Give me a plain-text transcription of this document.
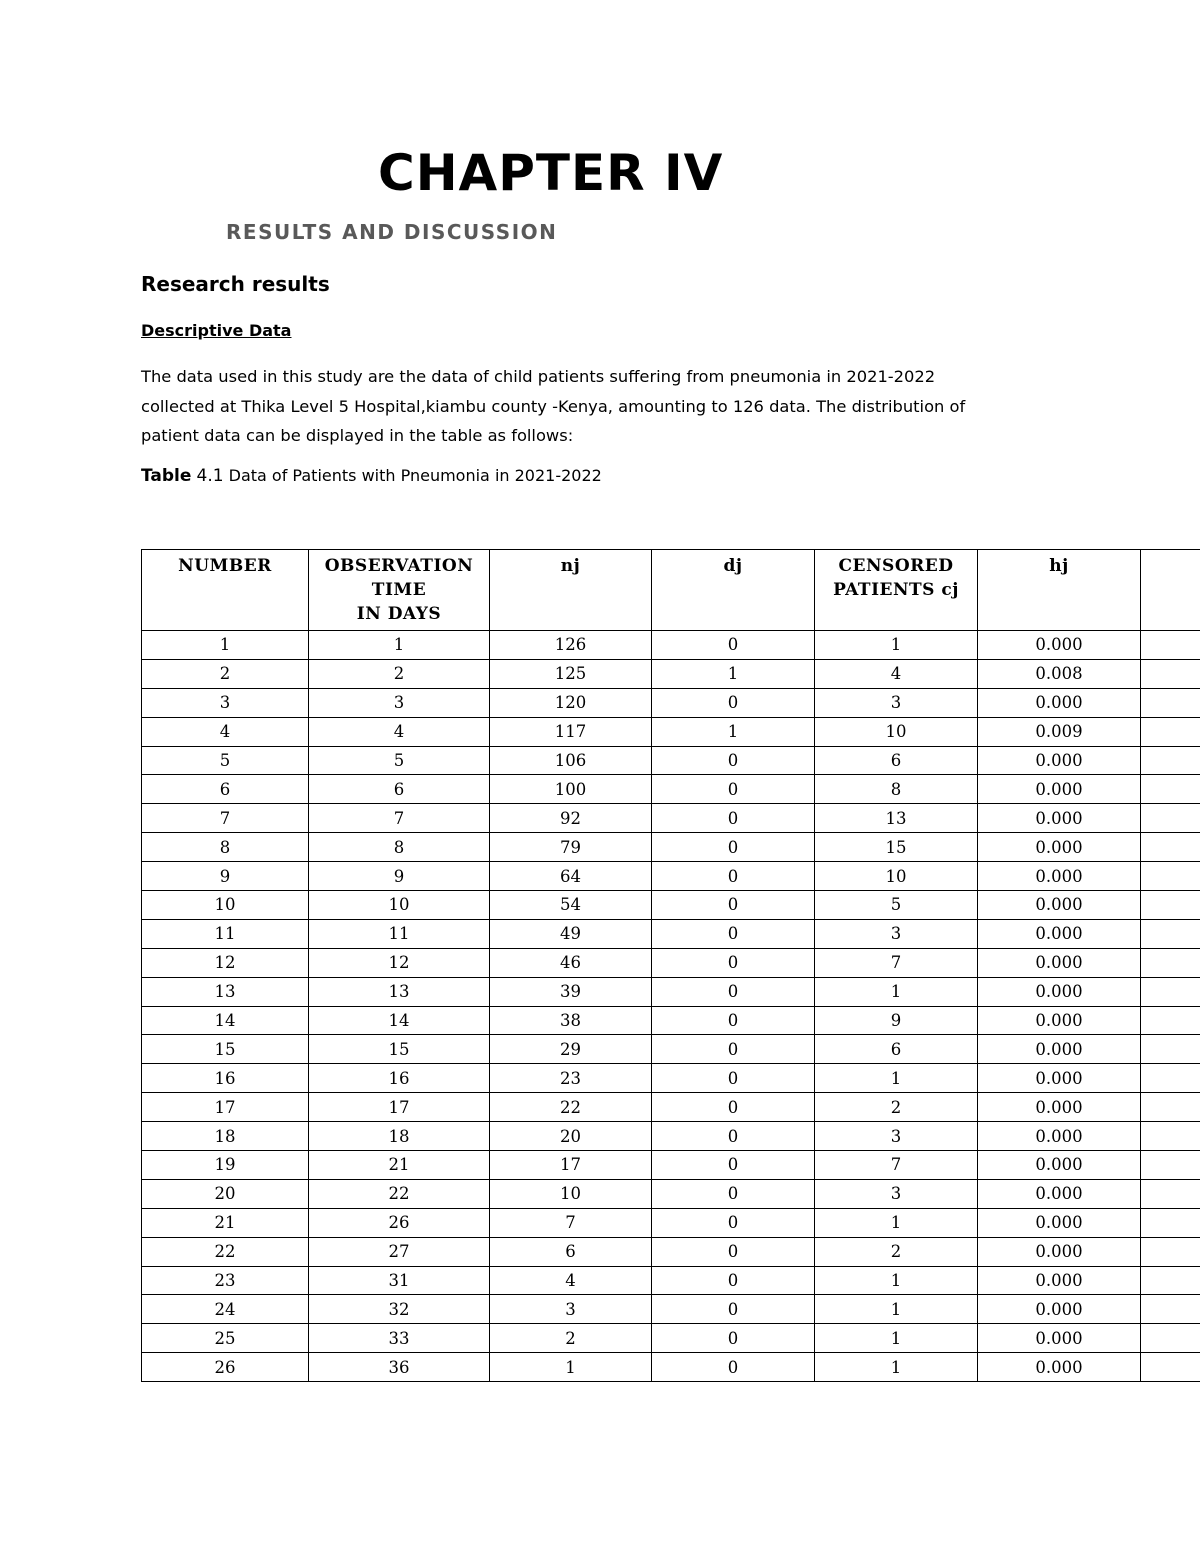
CHAPTER IV
RESULTS AND DISCUSSION
Research results
Descriptive Data

The data used in this study are the data of child patients suffering from pneumonia in 2021-2022
collected at Thika Level 5 Hospital,kiambu county -Kenya, amounting to 126 data. The distribution of
patient data can be displayed in the table as follows:

Table 4.1 Data of Patients with Pneumonia in 2021-2022

NUMBER	OBSERVATION
TIME
IN DAYS	nj	dj	CENSORED
PATIENTS cj	hj	

1	1	126	0	1	0.000	
2	2	125	1	4	0.008	
3	3	120	0	3	0.000	
4	4	117	1	10	0.009	
5	5	106	0	6	0.000	
6	6	100	0	8	0.000	
7	7	92	0	13	0.000	
8	8	79	0	15	0.000	
9	9	64	0	10	0.000	
10	10	54	0	5	0.000	
11	11	49	0	3	0.000	
12	12	46	0	7	0.000	
13	13	39	0	1	0.000	
14	14	38	0	9	0.000	
15	15	29	0	6	0.000	
16	16	23	0	1	0.000	
17	17	22	0	2	0.000	
18	18	20	0	3	0.000	
19	21	17	0	7	0.000	
20	22	10	0	3	0.000	
21	26	7	0	1	0.000	
22	27	6	0	2	0.000	
23	31	4	0	1	0.000	
24	32	3	0	1	0.000	
25	33	2	0	1	0.000	
26	36	1	0	1	0.000	
